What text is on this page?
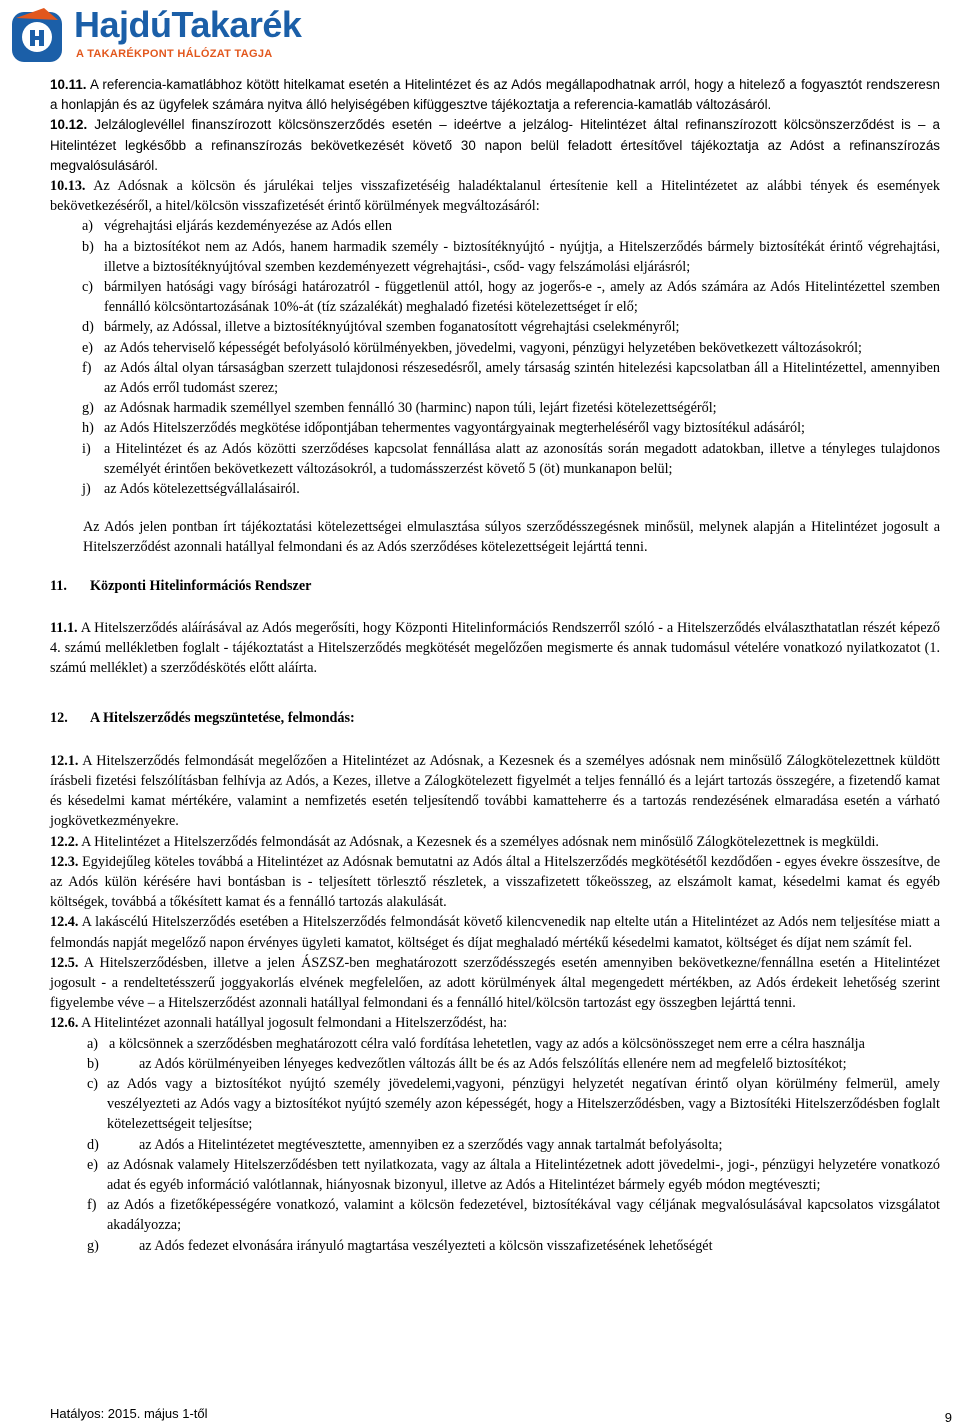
HajdúTakarék
A TAKARÉKPONT HÁLÓZAT TAGJA

10.11. A referencia-kamatlábhoz kötött hitelkamat esetén a Hitelintézet és az Adós megállapodhatnak arról, hogy a hitelező a fogyasztót rendszeresn a honlapján és az ügyfelek számára nyitva álló helyiségében kifüggesztve tájékoztatja a referencia-kamatláb változásáról.

10.12. Jelzáloglevéllel finanszírozott kölcsönszerződés esetén – ideértve a jelzálog- Hitelintézet által refinanszírozott kölcsönszerződést is – a Hitelintézet legkésőbb a refinanszírozás bekövetkezését követő 30 napon belül feladott értesítővel tájékoztatja az Adóst a refinanszírozás megvalósulásáról.

10.13. Az Adósnak a kölcsön és járulékai teljes visszafizetéséig haladéktalanul értesítenie kell a Hitelintézetet az alábbi tények és események bekövetkezéséről, a hitel/kölcsön visszafizetését érintő körülmények megváltozásáról:

a) végrehajtási eljárás kezdeményezése az Adós ellen
b) ha a biztosítékot nem az Adós, hanem harmadik személy - biztosítéknyújtó - nyújtja, a Hitelszerződés bármely biztosítékát érintő végrehajtási, illetve a biztosítéknyújtóval szemben kezdeményezett végrehajtási-, csőd- vagy felszámolási eljárásról;
c) bármilyen hatósági vagy bírósági határozatról - függetlenül attól, hogy az jogerős-e -, amely az Adós számára az Adós Hitelintézettel szemben fennálló kölcsöntartozásának 10%-át (tíz százalékát) meghaladó fizetési kötelezettséget ír elő;
d) bármely, az Adóssal, illetve a biztosítéknyújtóval szemben foganatosított végrehajtási cselekményről;
e) az Adós teherviselő képességét befolyásoló körülményekben, jövedelmi, vagyoni, pénzügyi helyzetében bekövetkezett változásokról;
f) az Adós által olyan társaságban szerzett tulajdonosi részesedésről, amely társaság szintén hitelezési kapcsolatban áll a Hitelintézettel, amennyiben az Adós erről tudomást szerez;
g) az Adósnak harmadik személlyel szemben fennálló 30 (harminc) napon túli, lejárt fizetési kötelezettségéről;
h) az Adós Hitelszerződés megkötése időpontjában tehermentes vagyontárgyainak megterheléséről vagy biztosítékul adásáról;
i) a Hitelintézet és az Adós közötti szerződéses kapcsolat fennállása alatt az azonosítás során megadott adatokban, illetve a tényleges tulajdonos személyét érintően bekövetkezett változásokról, a tudomásszerzést követő 5 (öt) munkanapon belül;
j) az Adós kötelezettségvállalásairól.

Az Adós jelen pontban írt tájékoztatási kötelezettségei elmulasztása súlyos szerződésszegésnek minősül, melynek alapján a Hitelintézet jogosult a Hitelszerződést azonnali hatállyal felmondani és az Adós szerződéses kötelezettségeit lejárttá tenni.

11.	Központi Hitelinformációs Rendszer

11.1. A Hitelszerződés aláírásával az Adós megerősíti, hogy Központi Hitelinformációs Rendszerről szóló - a Hitelszerződés elválaszthatatlan részét képező 4. számú mellékletben foglalt - tájékoztatást a Hitelszerződés megkötését megelőzően megismerte és annak tudomásul vételére vonatkozó nyilatkozatot (1. számú melléklet) a szerződéskötés előtt aláírta.

12.	A Hitelszerződés megszüntetése, felmondás:

12.1. A Hitelszerződés felmondását megelőzően a Hitelintézet az Adósnak, a Kezesnek és a személyes adósnak nem minősülő Zálogkötelezettnek küldött írásbeli fizetési felszólításban felhívja az Adós, a Kezes, illetve a Zálogkötelezett figyelmét a teljes fennálló és a lejárt tartozás összegére, a fizetendő kamat és késedelmi kamat mértékére, valamint a nemfizetés esetén teljesítendő további kamatteherre és a tartozás rendezésének elmaradása esetén a várható jogkövetkezményekre.

12.2. A Hitelintézet a Hitelszerződés felmondását az Adósnak, a Kezesnek és a személyes adósnak nem minősülő Zálogkötelezettnek is megküldi.

12.3. Egyidejűleg köteles továbbá a Hitelintézet az Adósnak bemutatni az Adós által a Hitelszerződés megkötésétől kezdődően - egyes évekre összesítve, de az Adós külön kérésére havi bontásban is - teljesített törlesztő részletek, a visszafizetett tőkeösszeg, az elszámolt kamat, késedelmi kamat és egyéb költségek, továbbá a tőkésített kamat és a fennálló tartozás alakulását.

12.4. A lakáscélú Hitelszerződés esetében a Hitelszerződés felmondását követő kilencvenedik nap eltelte után a Hitelintézet az Adós nem teljesítése miatt a felmondás napját megelőző napon érvényes ügyleti kamatot, költséget és díjat meghaladó mértékű késedelmi kamatot, költséget és díjat nem számít fel.

12.5. A Hitelszerződésben, illetve a jelen ÁSZSZ-ben meghatározott szerződésszegés esetén amennyiben bekövetkezne/fennállna esetén a Hitelintézet jogosult - a rendeltetésszerű joggyakorlás elvének megfelelően, az adott körülmények által megengedett mértékben, az Adós érdekeit lehetőség szerint figyelembe véve – a Hitelszerződést azonnali hatállyal felmondani és a fennálló hitel/kölcsön tartozást egy összegben lejárttá tenni.

12.6. A Hitelintézet azonnali hatállyal jogosult felmondani a Hitelszerződést, ha:

a) a kölcsönnek a szerződésben meghatározott célra való fordítása lehetetlen, vagy az adós a kölcsönösszeget nem erre a célra használja
b)	az Adós körülményeiben lényeges kedvezőtlen változás állt be és az Adós felszólítás ellenére nem ad megfelelő biztosítékot;
c) az Adós vagy a biztosítékot nyújtó személy jövedelemi,vagyoni, pénzügyi helyzetét negatívan érintő olyan körülmény felmerül, amely veszélyezteti az Adós vagy a biztosítékot nyújtó személy azon képességét, hogy a Hitelszerződésben, vagy a Biztosítéki Hitelszerződésben foglalt kötelezettségeit teljesítse;
d)	az Adós a Hitelintézetet megtévesztette, amennyiben ez a szerződés vagy annak tartalmát befolyásolta;
e) az Adósnak valamely Hitelszerződésben tett nyilatkozata, vagy az általa a Hitelintézetnek adott jövedelmi-, jogi-, pénzügyi helyzetére vonatkozó adat és egyéb információ valótlannak, hiányosnak bizonyul, illetve az Adós a Hitelintézet bármely egyéb módon megtéveszti;
f) az Adós a fizetőképességére vonatkozó, valamint a kölcsön fedezetével, biztosítékával vagy céljának megvalósulásával kapcsolatos vizsgálatot akadályozza;
g)	az Adós fedezet elvonására irányuló magtartása veszélyezteti a kölcsön visszafizetésének lehetőségét
Hatályos: 2015. május 1-től	9
